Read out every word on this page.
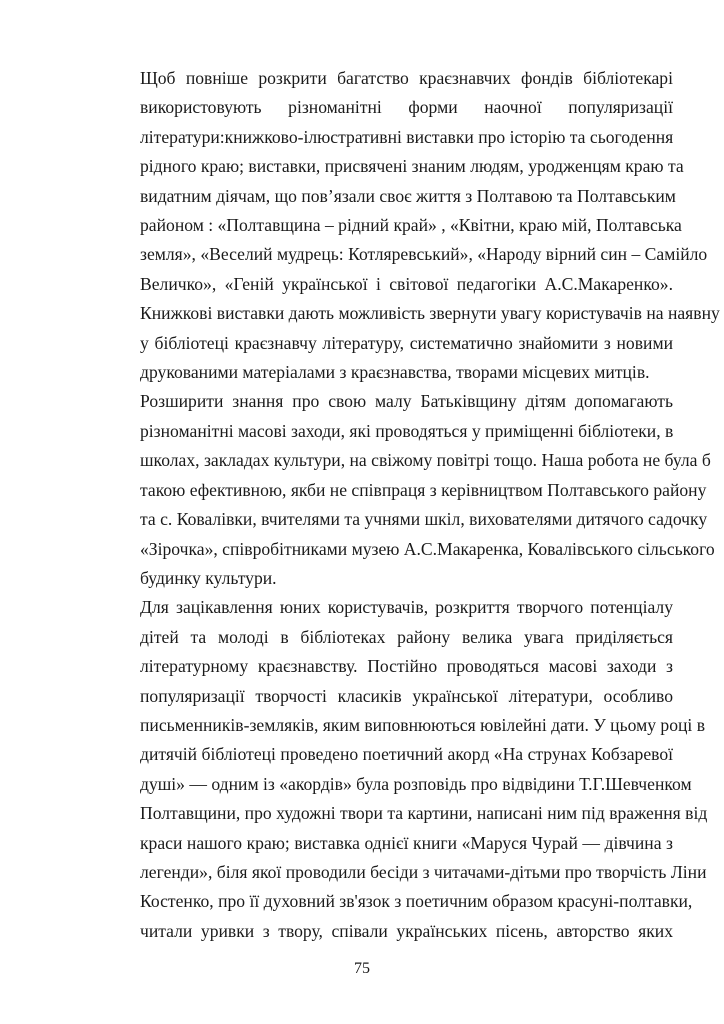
Щоб повніше розкрити багатство краєзнавчих фондів бібліотекарі
використовують різноманітні форми наочної популяризації
літератури:книжково-ілюстративні виставки про історію та сьогодення
рідного краю; виставки, присвячені знаним людям, уродженцям краю та
видатним діячам, що пов’язали своє життя з Полтавою та Полтавським
районом : «Полтавщина – рідний край» , «Квітни, краю мій, Полтавська
земля», «Веселий мудрець: Котляревський», «Народу вірний син – Самійло
Величко», «Геній української і світової педагогіки А.С.Макаренко».
Книжкові виставки дають можливість звернути увагу користувачів на наявну
у бібліотеці краєзнавчу літературу, систематично знайомити з новими
друкованими матеріалами з краєзнавства, творами місцевих митців.

Розширити знання про свою малу Батьківщину дітям допомагають
різноманітні масові заходи, які проводяться у приміщенні бібліотеки, в
школах, закладах культури, на свіжому повітрі тощо. Наша робота не була б
такою ефективною, якби не співпраця з керівництвом Полтавського району
та с. Ковалівки, вчителями та учнями шкіл, вихователями дитячого садочку
«Зірочка», співробітниками музею А.С.Макаренка, Ковалівського сільського
будинку культури.

Для зацікавлення юних користувачів, розкриття творчого потенціалу
дітей та молоді в бібліотеках району велика увага приділяється
літературному краєзнавству. Постійно проводяться масові заходи з
популяризації творчості класиків української літератури, особливо
письменників-земляків, яким виповнюються ювілейні дати. У цьому році в
дитячій бібліотеці проведено поетичний акорд «На струнах Кобзаревої
душі» — одним із «акордів» була розповідь про відвідини Т.Г.Шевченком
Полтавщини, про художні твори та картини, написані ним під враження від
краси нашого краю; виставка однієї книги «Маруся Чурай — дівчина з
легенди», біля якої проводили бесіди з читачами-дітьми про творчість Ліни
Костенко, про її духовний зв'язок з поетичним образом красуні-полтавки,
читали уривки з твору, співали українських пісень, авторство яких

75
